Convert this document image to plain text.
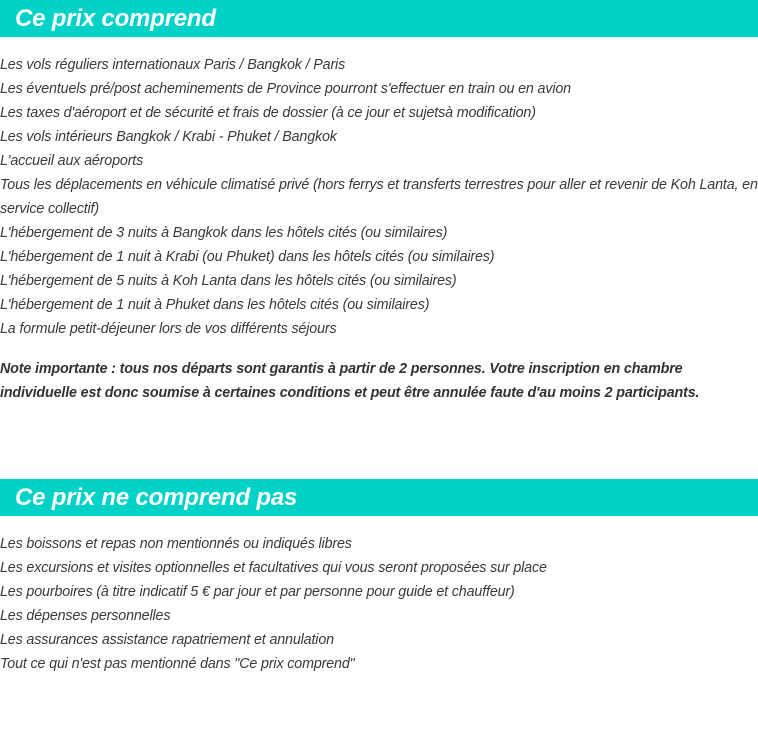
Ce prix comprend
Les vols réguliers internationaux Paris / Bangkok / Paris
Les éventuels pré/post acheminements de Province pourront s'effectuer en train ou en avion
Les taxes d'aéroport et de sécurité et frais de dossier (à ce jour et sujetsà modification)
Les vols intérieurs Bangkok / Krabi - Phuket / Bangkok
L'accueil aux aéroports
Tous les déplacements en véhicule climatisé privé (hors ferrys et transferts terrestres pour aller et revenir de Koh Lanta, en service collectif)
L'hébergement de 3 nuits à Bangkok dans les hôtels cités (ou similaires)
L'hébergement de 1 nuit à Krabi (ou Phuket) dans les hôtels cités (ou similaires)
L'hébergement de 5 nuits à Koh Lanta dans les hôtels cités (ou similaires)
L'hébergement de 1 nuit à Phuket dans les hôtels cités (ou similaires)
La formule petit-déjeuner lors de vos différents séjours

Note importante : tous nos départs sont garantis à partir de 2 personnes. Votre inscription en chambre individuelle est donc soumise à certaines conditions et peut être annulée faute d'au moins 2 participants.

Ce prix ne comprend pas
Les boissons et repas non mentionnés ou indiqués libres
Les excursions et visites optionnelles et facultatives qui vous seront proposées sur place
Les pourboires (à titre indicatif 5 € par jour et par personne pour guide et chauffeur)
Les dépenses personnelles
Les assurances assistance rapatriement et annulation
Tout ce qui n'est pas mentionné dans "Ce prix comprend"
